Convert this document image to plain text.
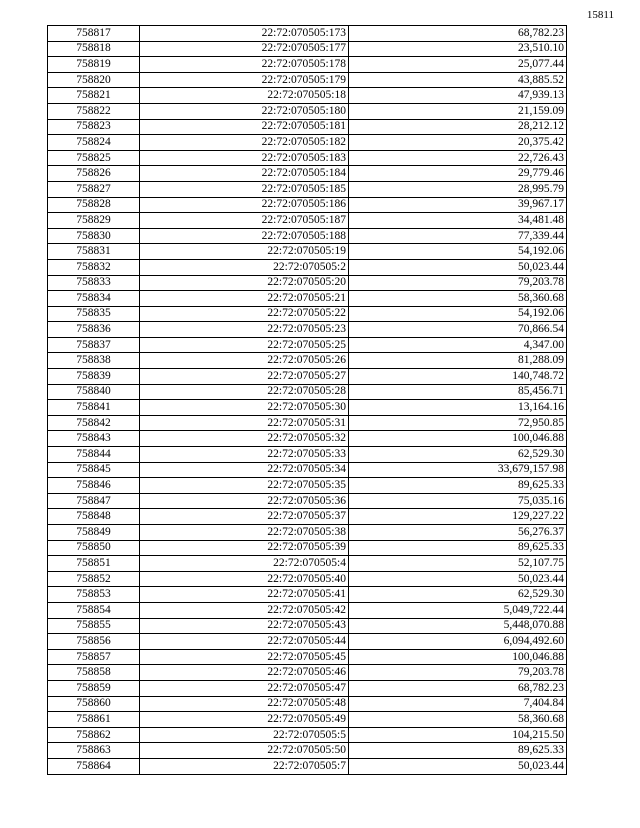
15811
758817	22:72:070505:173	68,782.23
758818	22:72:070505:177	23,510.10
758819	22:72:070505:178	25,077.44
758820	22:72:070505:179	43,885.52
758821	22:72:070505:18	47,939.13
758822	22:72:070505:180	21,159.09
758823	22:72:070505:181	28,212.12
758824	22:72:070505:182	20,375.42
758825	22:72:070505:183	22,726.43
758826	22:72:070505:184	29,779.46
758827	22:72:070505:185	28,995.79
758828	22:72:070505:186	39,967.17
758829	22:72:070505:187	34,481.48
758830	22:72:070505:188	77,339.44
758831	22:72:070505:19	54,192.06
758832	22:72:070505:2	50,023.44
758833	22:72:070505:20	79,203.78
758834	22:72:070505:21	58,360.68
758835	22:72:070505:22	54,192.06
758836	22:72:070505:23	70,866.54
758837	22:72:070505:25	4,347.00
758838	22:72:070505:26	81,288.09
758839	22:72:070505:27	140,748.72
758840	22:72:070505:28	85,456.71
758841	22:72:070505:30	13,164.16
758842	22:72:070505:31	72,950.85
758843	22:72:070505:32	100,046.88
758844	22:72:070505:33	62,529.30
758845	22:72:070505:34	33,679,157.98
758846	22:72:070505:35	89,625.33
758847	22:72:070505:36	75,035.16
758848	22:72:070505:37	129,227.22
758849	22:72:070505:38	56,276.37
758850	22:72:070505:39	89,625.33
758851	22:72:070505:4	52,107.75
758852	22:72:070505:40	50,023.44
758853	22:72:070505:41	62,529.30
758854	22:72:070505:42	5,049,722.44
758855	22:72:070505:43	5,448,070.88
758856	22:72:070505:44	6,094,492.60
758857	22:72:070505:45	100,046.88
758858	22:72:070505:46	79,203.78
758859	22:72:070505:47	68,782.23
758860	22:72:070505:48	7,404.84
758861	22:72:070505:49	58,360.68
758862	22:72:070505:5	104,215.50
758863	22:72:070505:50	89,625.33
758864	22:72:070505:7	50,023.44
